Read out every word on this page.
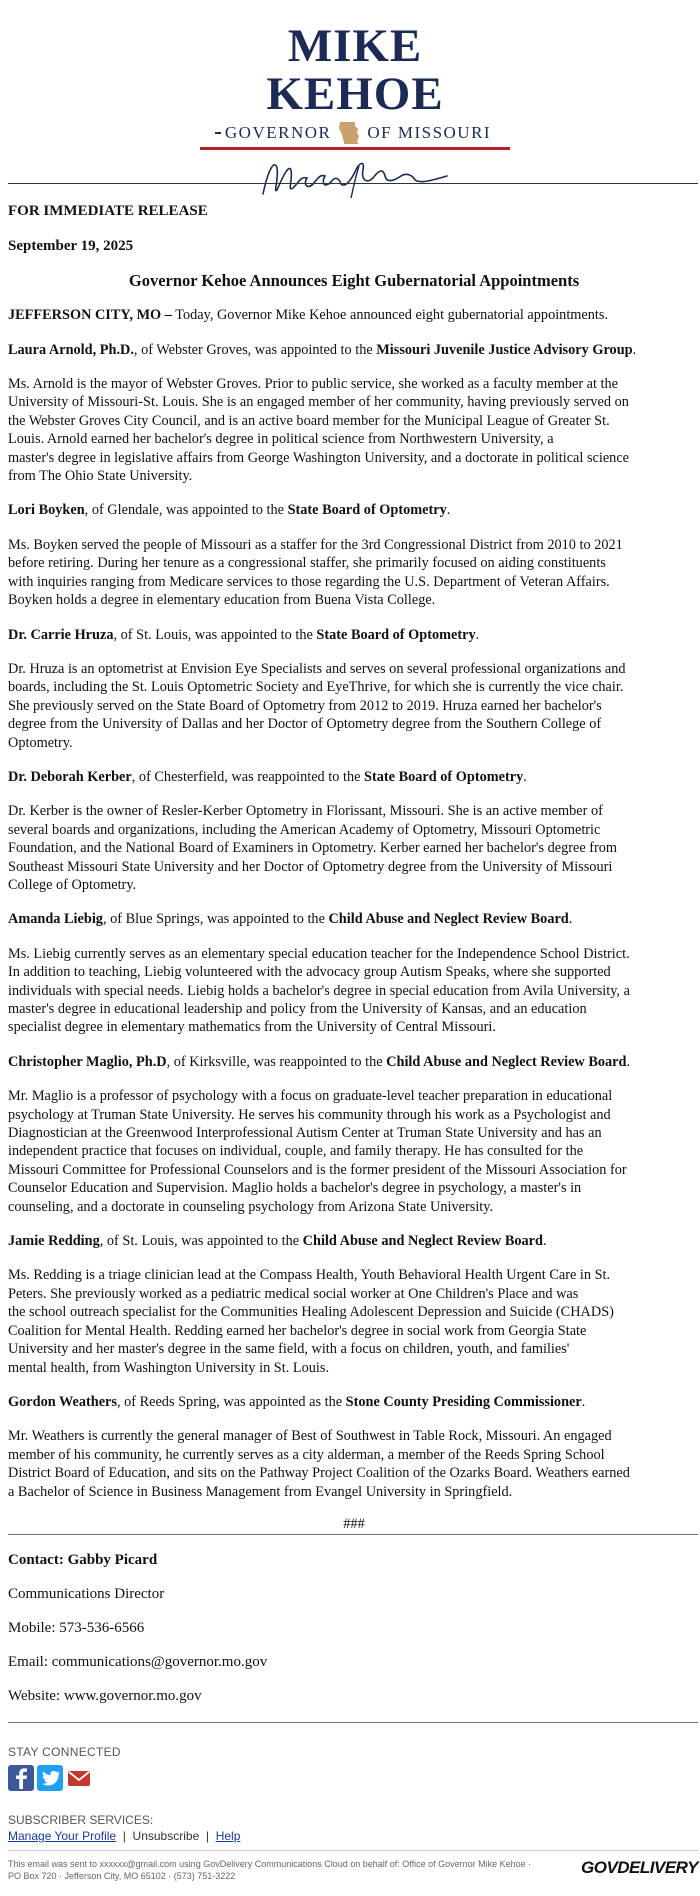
MIKE KEHOE
GOVERNOR OF MISSOURI

FOR IMMEDIATE RELEASE

September 19, 2025

Governor Kehoe Announces Eight Gubernatorial Appointments

JEFFERSON CITY, MO – Today, Governor Mike Kehoe announced eight gubernatorial appointments.

Laura Arnold, Ph.D., of Webster Groves, was appointed to the Missouri Juvenile Justice Advisory Group.

Ms. Arnold is the mayor of Webster Groves. Prior to public service, she worked as a faculty member at the
University of Missouri-St. Louis. She is an engaged member of her community, having previously served on
the Webster Groves City Council, and is an active board member for the Municipal League of Greater St.
Louis. Arnold earned her bachelor's degree in political science from Northwestern University, a
master's degree in legislative affairs from George Washington University, and a doctorate in political science
from The Ohio State University.

Lori Boyken, of Glendale, was appointed to the State Board of Optometry.

Ms. Boyken served the people of Missouri as a staffer for the 3rd Congressional District from 2010 to 2021
before retiring. During her tenure as a congressional staffer, she primarily focused on aiding constituents
with inquiries ranging from Medicare services to those regarding the U.S. Department of Veteran Affairs.
Boyken holds a degree in elementary education from Buena Vista College.

Dr. Carrie Hruza, of St. Louis, was appointed to the State Board of Optometry.

Dr. Hruza is an optometrist at Envision Eye Specialists and serves on several professional organizations and
boards, including the St. Louis Optometric Society and EyeThrive, for which she is currently the vice chair.
She previously served on the State Board of Optometry from 2012 to 2019. Hruza earned her bachelor's
degree from the University of Dallas and her Doctor of Optometry degree from the Southern College of
Optometry.

Dr. Deborah Kerber, of Chesterfield, was reappointed to the State Board of Optometry.

Dr. Kerber is the owner of Resler-Kerber Optometry in Florissant, Missouri. She is an active member of
several boards and organizations, including the American Academy of Optometry, Missouri Optometric
Foundation, and the National Board of Examiners in Optometry. Kerber earned her bachelor's degree from
Southeast Missouri State University and her Doctor of Optometry degree from the University of Missouri
College of Optometry.

Amanda Liebig, of Blue Springs, was appointed to the Child Abuse and Neglect Review Board.

Ms. Liebig currently serves as an elementary special education teacher for the Independence School District.
In addition to teaching, Liebig volunteered with the advocacy group Autism Speaks, where she supported
individuals with special needs. Liebig holds a bachelor's degree in special education from Avila University, a
master's degree in educational leadership and policy from the University of Kansas, and an education
specialist degree in elementary mathematics from the University of Central Missouri.

Christopher Maglio, Ph.D, of Kirksville, was reappointed to the Child Abuse and Neglect Review Board.

Mr. Maglio is a professor of psychology with a focus on graduate-level teacher preparation in educational
psychology at Truman State University. He serves his community through his work as a Psychologist and
Diagnostician at the Greenwood Interprofessional Autism Center at Truman State University and has an
independent practice that focuses on individual, couple, and family therapy. He has consulted for the
Missouri Committee for Professional Counselors and is the former president of the Missouri Association for
Counselor Education and Supervision. Maglio holds a bachelor's degree in psychology, a master's in
counseling, and a doctorate in counseling psychology from Arizona State University.

Jamie Redding, of St. Louis, was appointed to the Child Abuse and Neglect Review Board.

Ms. Redding is a triage clinician lead at the Compass Health, Youth Behavioral Health Urgent Care in St.
Peters. She previously worked as a pediatric medical social worker at One Children's Place and was
the school outreach specialist for the Communities Healing Adolescent Depression and Suicide (CHADS)
Coalition for Mental Health. Redding earned her bachelor's degree in social work from Georgia State
University and her master's degree in the same field, with a focus on children, youth, and families'
mental health, from Washington University in St. Louis.

Gordon Weathers, of Reeds Spring, was appointed as the Stone County Presiding Commissioner.

Mr. Weathers is currently the general manager of Best of Southwest in Table Rock, Missouri. An engaged
member of his community, he currently serves as a city alderman, a member of the Reeds Spring School
District Board of Education, and sits on the Pathway Project Coalition of the Ozarks Board. Weathers earned
a Bachelor of Science in Business Management from Evangel University in Springfield.

###

Contact: Gabby Picard
Communications Director
Mobile: 573-536-6566
Email: communications@governor.mo.gov
Website: www.governor.mo.gov
STAY CONNECTED
SUBSCRIBER SERVICES:
Manage Your Profile | Unsubscribe | Help
This email was sent to xxxxxx@gmail.com using GovDelivery Communications Cloud on behalf of: Office of Governor Mike Kehoe ·
PO Box 720 · Jefferson City, MO 65102 · (573) 751-3222	GOVDELIVERY
